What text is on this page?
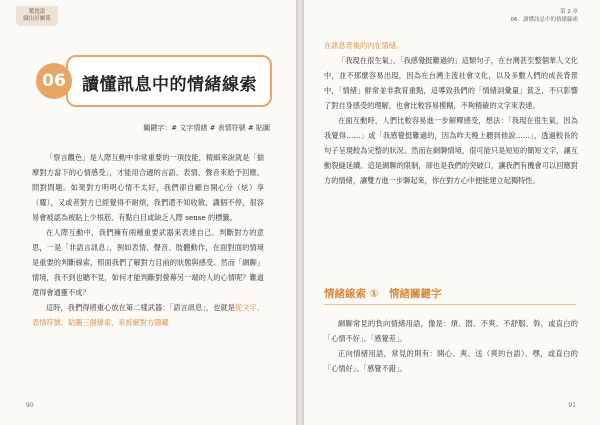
尷尬說
職出好關係
06 讀懂訊息中的情緒線索
關鍵字：# 文字情緒 # 表情符號 # 貼圖

「察言觀色」是人際互動中非常重要的一項技能，精細來說就是「揣摩對方當下的心情感受」，才能用合適的言語、表情、聲音來給予回應、問對問題。如果對方明明心情不太好，我們卻自顧自開心分（炫）享（耀），又或者對方已經覺得不耐煩，我們還不知收斂，講個不停，很容易會被認為被貼上少根筋、有點白目或缺乏人際 sense 的標籤。

在人際互動中，我們擁有兩種重要武器來表達自己、判斷對方的意思，一是「非語言訊息」，例如表情、聲音、肢體動作，在面對面的情境是重要的判斷線索，照面我們了解對方目前的狀態與感受。然而「網聊」情境，我不到也聽不見，如何才能判斷對螢幕另一端的人的心情呢？難道還得會通靈不成？

這時，我們得將重心放在第二樣武器：「語言訊息」，也就是從文字、表情符號、貼圖三個線索，來拆解對方隱藏

90
第 2 章
06．讀懂訊息中的情緒線索
在訊息背後的內在情緒。

「我現在很生氣」、「我感覺挺難過的」這類句子，在台灣甚至整個華人文化中，並不那麼容易出現，因為在台灣主流社會文化，以及多數人們的成長背景中，「情緒」鮮常並非教育重點，這導致我們的「情緒詞彙量」貧乏，不只影響了對自身感受的理解，也會比較容易模糊，不夠精確的文字來表達。

在面互動時，人們比較容易進一步解釋感受，想法：「我現在很生氣，因為我覺得……」或「我感覺挺難過的，因為昨天晚上聽到他說……」，透過較長的句子呈現較為完整的狀況。然而在網聊情境，很可能只是短短的簡短文字，讓互動裂縫延續。這是網聊的限制，卻也是我們的突破口，讓我們有機會可以回應對方的情緒，讓雙方進一步聊起來，你在對方心中便能建立起獨特性。

情緒線索 ①　情緒關鍵字

網聊常見的負向情緒用語，像是：煩、悶、不爽、不舒服、幹，或直白的「心情不好」、「感覺差」。

正向情緒用語，常見的則有：開心、爽、送（爽的台語）、嘿，或直白的「心情好」、「感覺不錯」。

91
